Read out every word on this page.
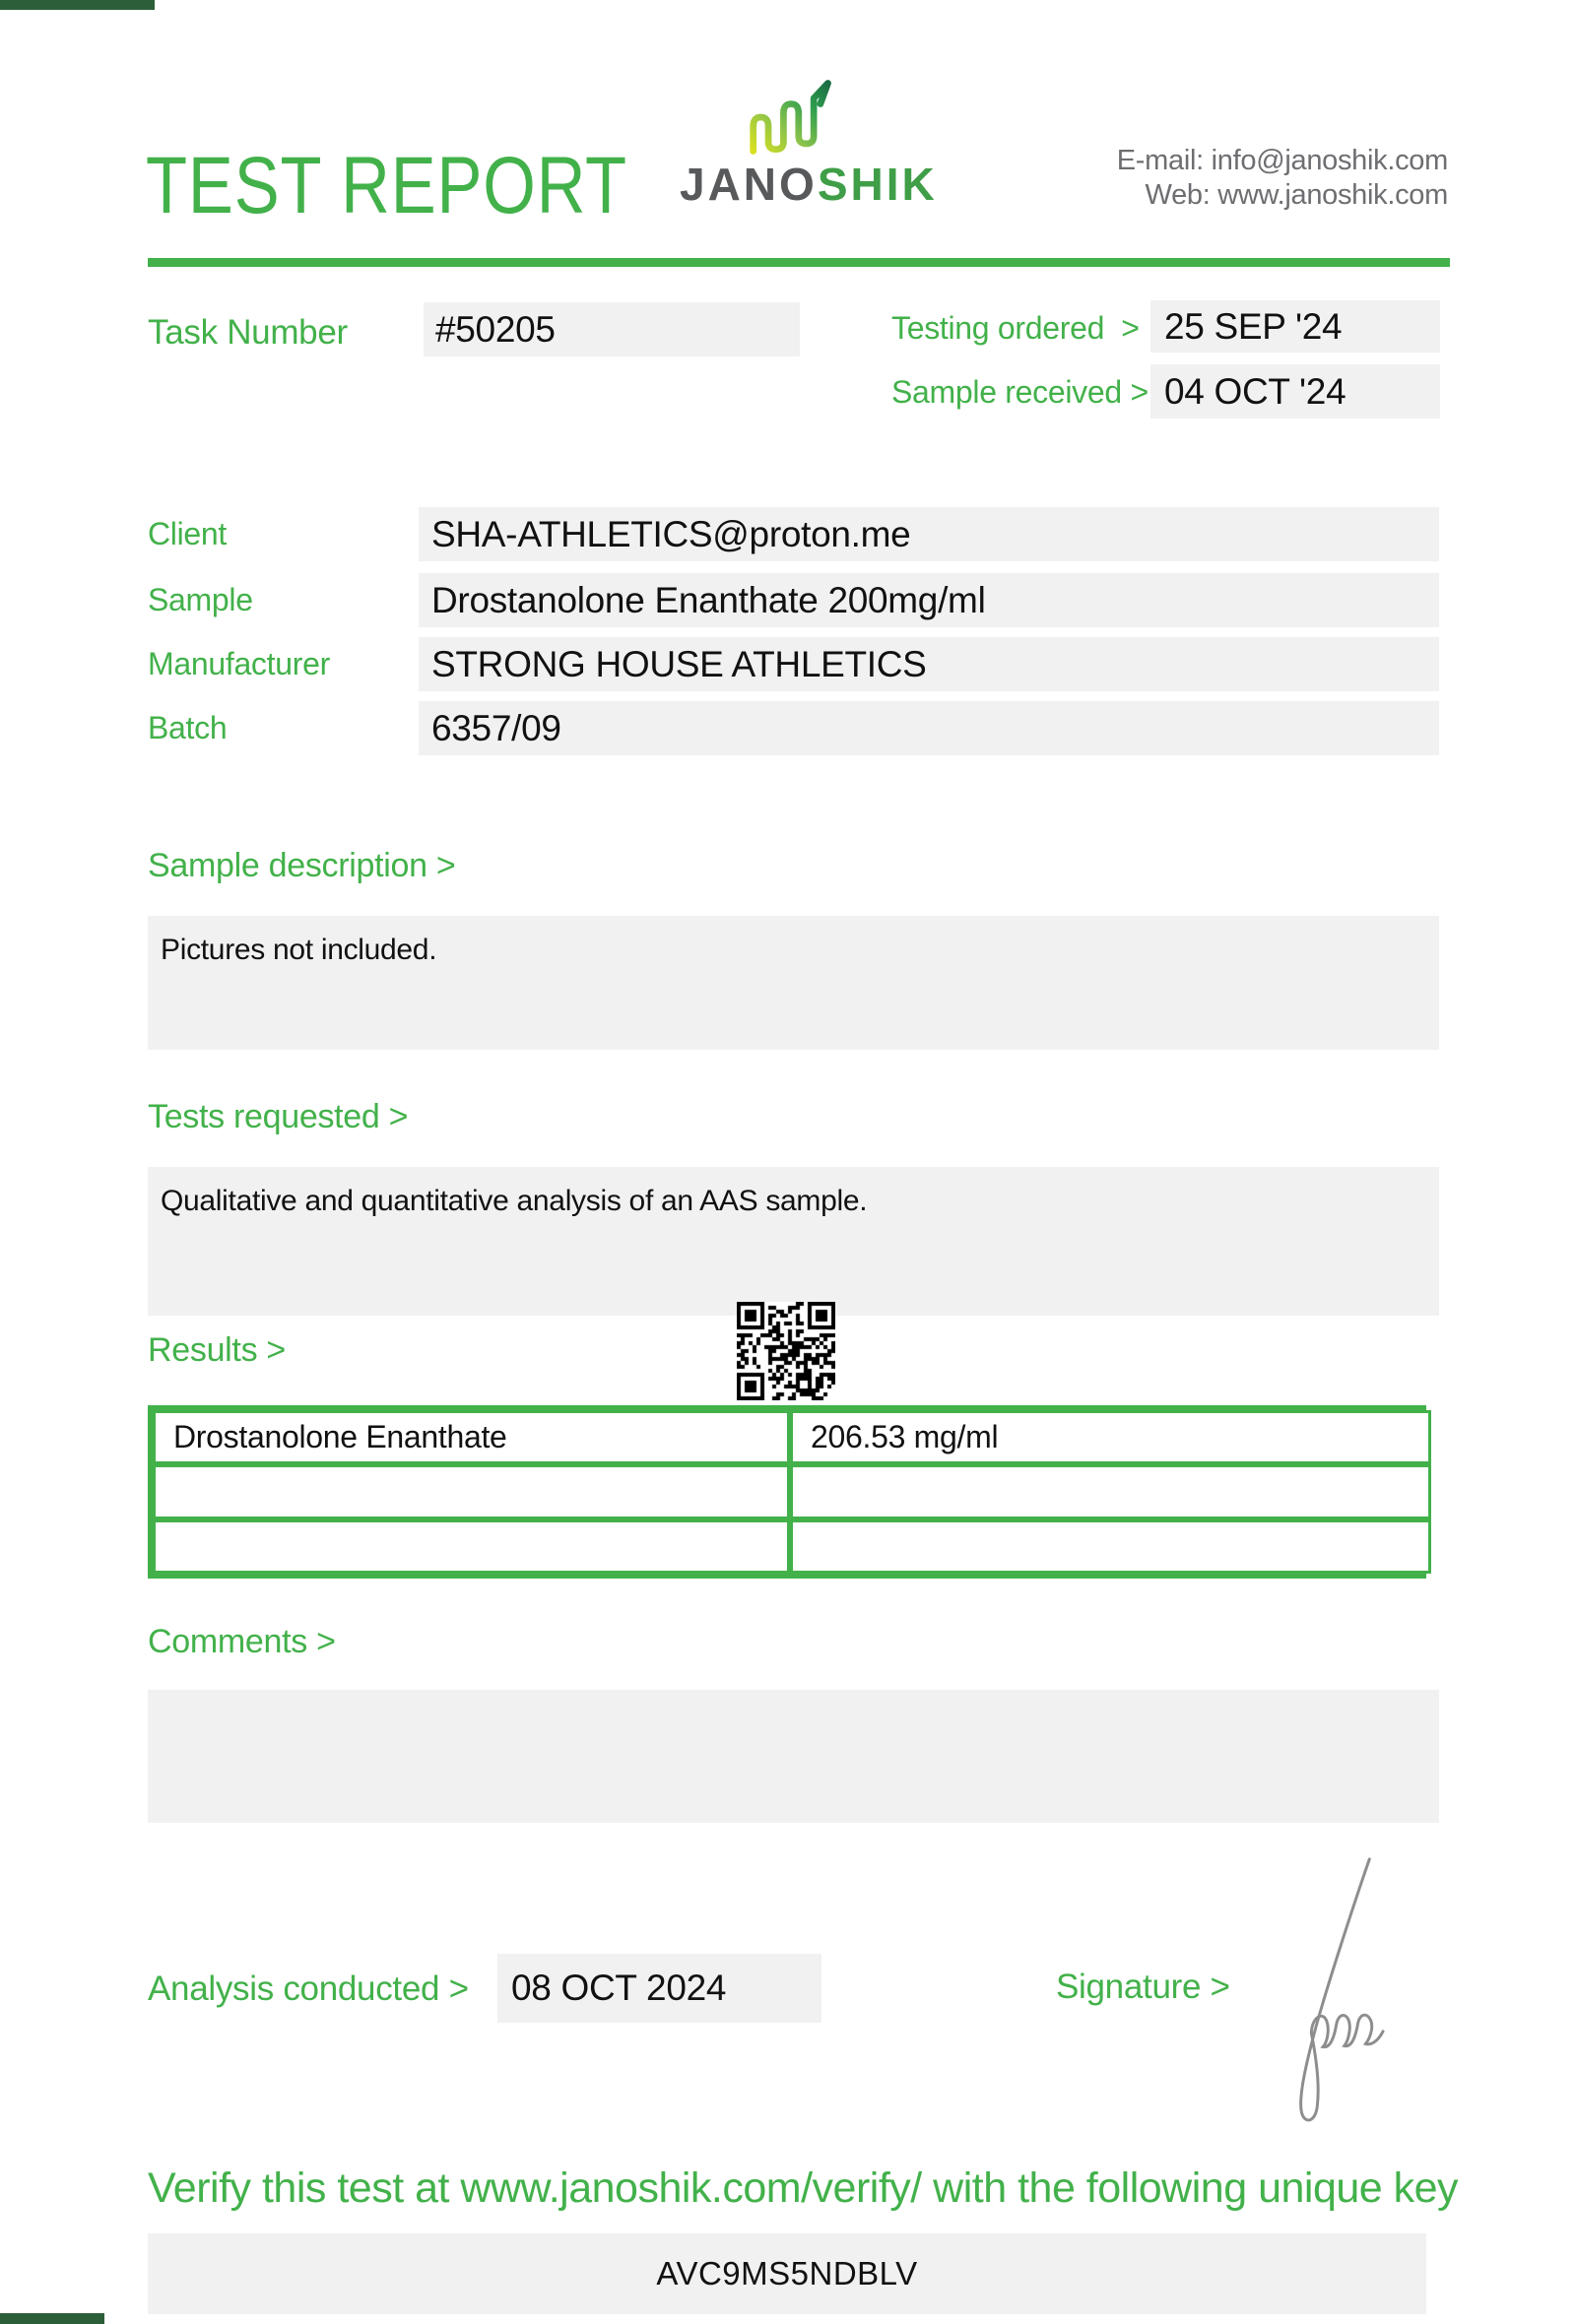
TEST REPORT JANOSHIK	E-mail: info@janoshik.com
Web: www.janoshik.com
Task Number #50205	Testing ordered > 25 SEP '24
Sample received > 04 OCT '24
Client	SHA-ATHLETICS@proton.me
Sample	Drostanolone Enanthate 200mg/ml
Manufacturer	STRONG HOUSE ATHLETICS
Batch	6357/09
Sample description >
Pictures not included.
Tests requested >
Qualitative and quantitative analysis of an AAS sample.
Results >
Drostanolone Enanthate	206.53 mg/ml
Comments >
Analysis conducted > 08 OCT 2024	Signature >
Verify this test at www.janoshik.com/verify/ with the following unique key
AVC9MS5NDBLV
